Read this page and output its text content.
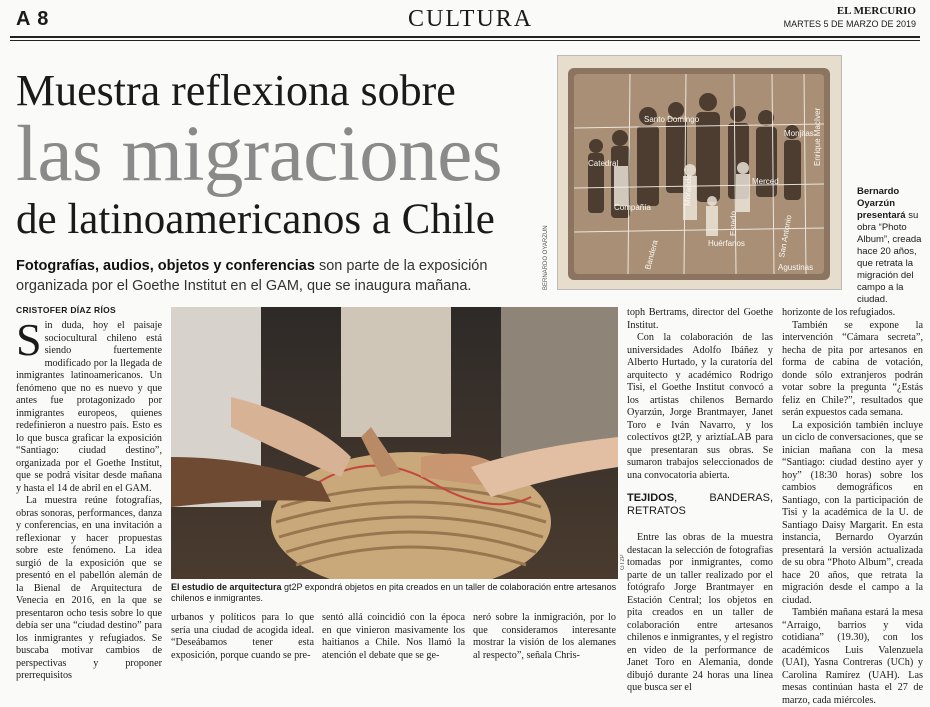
A 8	CULTURA	EL MERCURIO
MARTES 5 DE MARZO DE 2019
Muestra reflexiona sobre
las migraciones
de latinoamericanos a Chile
Fotografías, audios, objetos y conferencias son parte de la exposición organizada por el Goethe Institut en el GAM, que se inaugura mañana.
CRISTOFER DÍAZ RÍOS
Santo Domingo
Catedral
Compañía
Morandé
Bandera	Huérfanos
Merced
Monjitas Enrique MacIver
San Antonio
Agustinas
Estado
BERNARDO OYARZÚN
Bernardo Oyarzún presentará su obra “Photo Album”, creada hace 20 años, que retrata la migración del campo a la ciudad.
GT2P
El estudio de arquitectura gt2P expondrá objetos en pita creados en un taller de colaboración entre artesanos chilenos e inmigrantes.

Sin duda, hoy el paisaje sociocultural chileno está siendo fuertemente modificado por la llegada de inmigrantes latinoamericanos. Un fenómeno que no es nuevo y que antes fue protagonizado por inmigrantes europeos, quienes redefinieron a nuestro país. Esto es lo que busca graficar la exposición “Santiago: ciudad destino”, organizada por el Goethe Institut, que se podrá visitar desde mañana y hasta el 14 de abril en el GAM.

La muestra reúne fotografías, obras sonoras, performances, danza y conferencias, en una invitación a reflexionar y hacer propuestas sobre este fenómeno. La idea surgió de la exposición que se presentó en el pabellón alemán de la Bienal de Arquitectura de Venecia en 2016, en la que se presentaron ocho tesis sobre lo que debía ser una “ciudad destino” para los inmigrantes y refugiados. Se buscaba motivar cambios de perspectivas y proponer prerrequisitos

urbanos y políticos para lo que sería una ciudad de acogida ideal. “Deseábamos tener esta exposición, porque cuando se pre-
sentó allá coincidió con la época en que vinieron masivamente los haitianos a Chile. Nos llamó la atención el debate que se ge-
neró sobre la inmigración, por lo que consideramos interesante mostrar la visión de los alemanes al respecto”, señala Chris-

toph Bertrams, director del Goethe Institut.

Con la colaboración de las universidades Adolfo Ibáñez y Alberto Hurtado, y la curatoría del arquitecto y académico Rodrigo Tisi, el Goethe Institut convocó a los artistas chilenos Bernardo Oyarzún, Jorge Brantmayer, Janet Toro e Iván Navarro, y los colectivos gt2P, y ariztíaLAB para que presentaran sus obras. Se sumaron trabajos seleccionados de una convocatoria abierta.

TEJIDOS, BANDERAS, RETRATOS

Entre las obras de la muestra destacan la selección de fotografías tomadas por inmigrantes, como parte de un taller realizado por el fotógrafo Jorge Brantmayer en Estación Central; los objetos en pita creados en un taller de colaboración entre artesanos chilenos e inmigrantes, y el registro en video de la performance de Janet Toro en Alemania, donde dibujó durante 24 horas una línea que busca ser el

horizonte de los refugiados.

También se expone la intervención “Cámara secreta”, hecha de pita por artesanos en forma de cabina de votación, donde sólo extranjeros podrán votar sobre la pregunta “¿Estás feliz en Chile?”, resultados que serán expuestos cada semana.

La exposición también incluye un ciclo de conversaciones, que se inician mañana con la mesa “Santiago: ciudad destino ayer y hoy” (18:30 horas) sobre los cambios demográficos en Santiago, con la participación de Tisi y la académica de la U. de Santiago Daisy Margarit. En esta instancia, Bernardo Oyarzún presentará la versión actualizada de su obra “Photo Album”, creada hace 20 años, que retrata la migración desde el campo a la ciudad.

También mañana estará la mesa “Arraigo, barrios y vida cotidiana” (19.30), con los académicos Luis Valenzuela (UAI), Yasna Contreras (UCh) y Carolina Ramírez (UAH). Las mesas continúan hasta el 27 de marzo, cada miércoles.
